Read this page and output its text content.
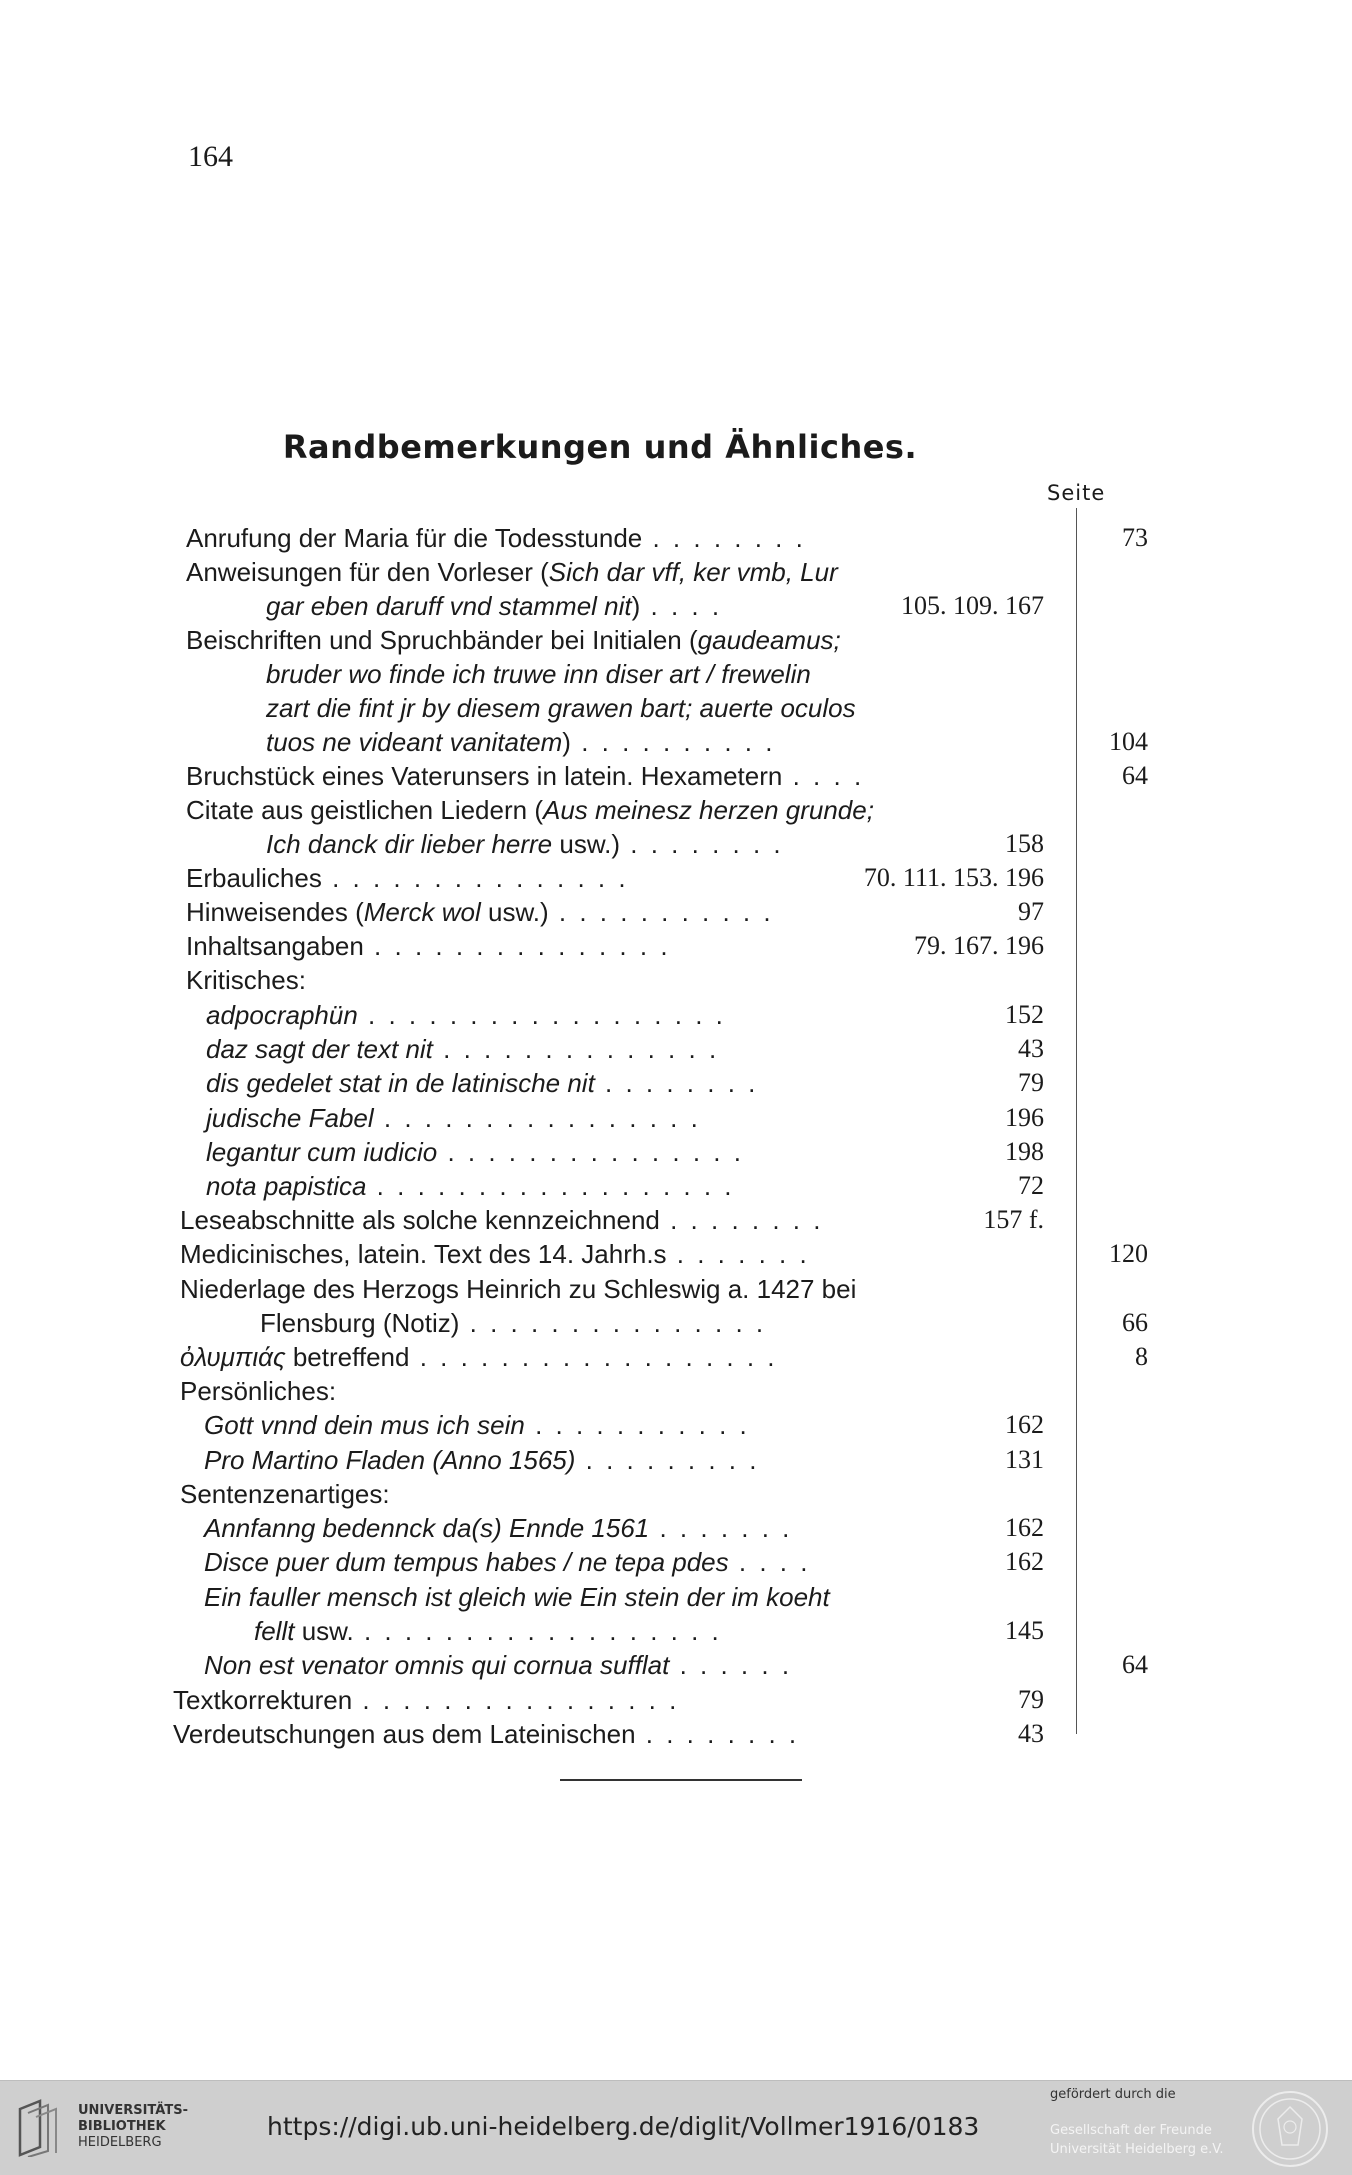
164
Randbemerkungen und Ähnliches.
Seite
Anrufung der Maria für die Todesstunde . . . . . . . .	73
Anweisungen für den Vorleser (Sich dar vff, ker vmb, Lur
gar eben daruff vnd stammel nit) . . . .	105. 109. 167
Beischriften und Spruchbänder bei Initialen (gaudeamus;
bruder wo finde ich truwe inn diser art / frewelin
zart die fint jr by diesem grawen bart; auerte oculos
tuos ne videant vanitatem) . . . . . . . . . .	104
Bruchstück eines Vaterunsers in latein. Hexametern . . . .	64
Citate aus geistlichen Liedern (Aus meinesz herzen grunde;
Ich danck dir lieber herre usw.) . . . . . . . .	158
Erbauliches . . . . . . . . . . . . . . .	70. 111. 153. 196
Hinweisendes (Merck wol usw.) . . . . . . . . . . .	97
Inhaltsangaben . . . . . . . . . . . . . . .	79. 167. 196
Kritisches:
adpocraphün . . . . . . . . . . . . . . . . . .	152
daz sagt der text nit . . . . . . . . . . . . . .	43
dis gedelet stat in de latinische nit . . . . . . . .	79
judische Fabel . . . . . . . . . . . . . . . .	196
legantur cum iudicio . . . . . . . . . . . . . . .	198
nota papistica . . . . . . . . . . . . . . . . . .	72
Leseabschnitte als solche kennzeichnend . . . . . . . .	157 f.
Medicinisches, latein. Text des 14. Jahrh.s . . . . . . .	120
Niederlage des Herzogs Heinrich zu Schleswig a. 1427 bei
Flensburg (Notiz) . . . . . . . . . . . . . . .	66
ὀλυμπιάς betreffend . . . . . . . . . . . . . . . . . .	8
Persönliches:
Gott vnnd dein mus ich sein . . . . . . . . . . .	162
Pro Martino Fladen (Anno 1565) . . . . . . . . .	131
Sentenzenartiges:
Annfanng bedennck da(s) Ennde 1561 . . . . . . .	162
Disce puer dum tempus habes / ne tepa pdes . . . .	162
Ein fauller mensch ist gleich wie Ein stein der im koeht
fellt usw. . . . . . . . . . . . . . . . . . .	145
Non est venator omnis qui cornua sufflat . . . . . .	64
Textkorrekturen . . . . . . . . . . . . . . . .	79
Verdeutschungen aus dem Lateinischen . . . . . . . .	43
UNIVERSITÄTS-
BIBLIOTHEK
HEIDELBERG
https://digi.ub.uni-heidelberg.de/diglit/Vollmer1916/0183
gefördert durch die
Gesellschaft der Freunde
Universität Heidelberg e.V.
